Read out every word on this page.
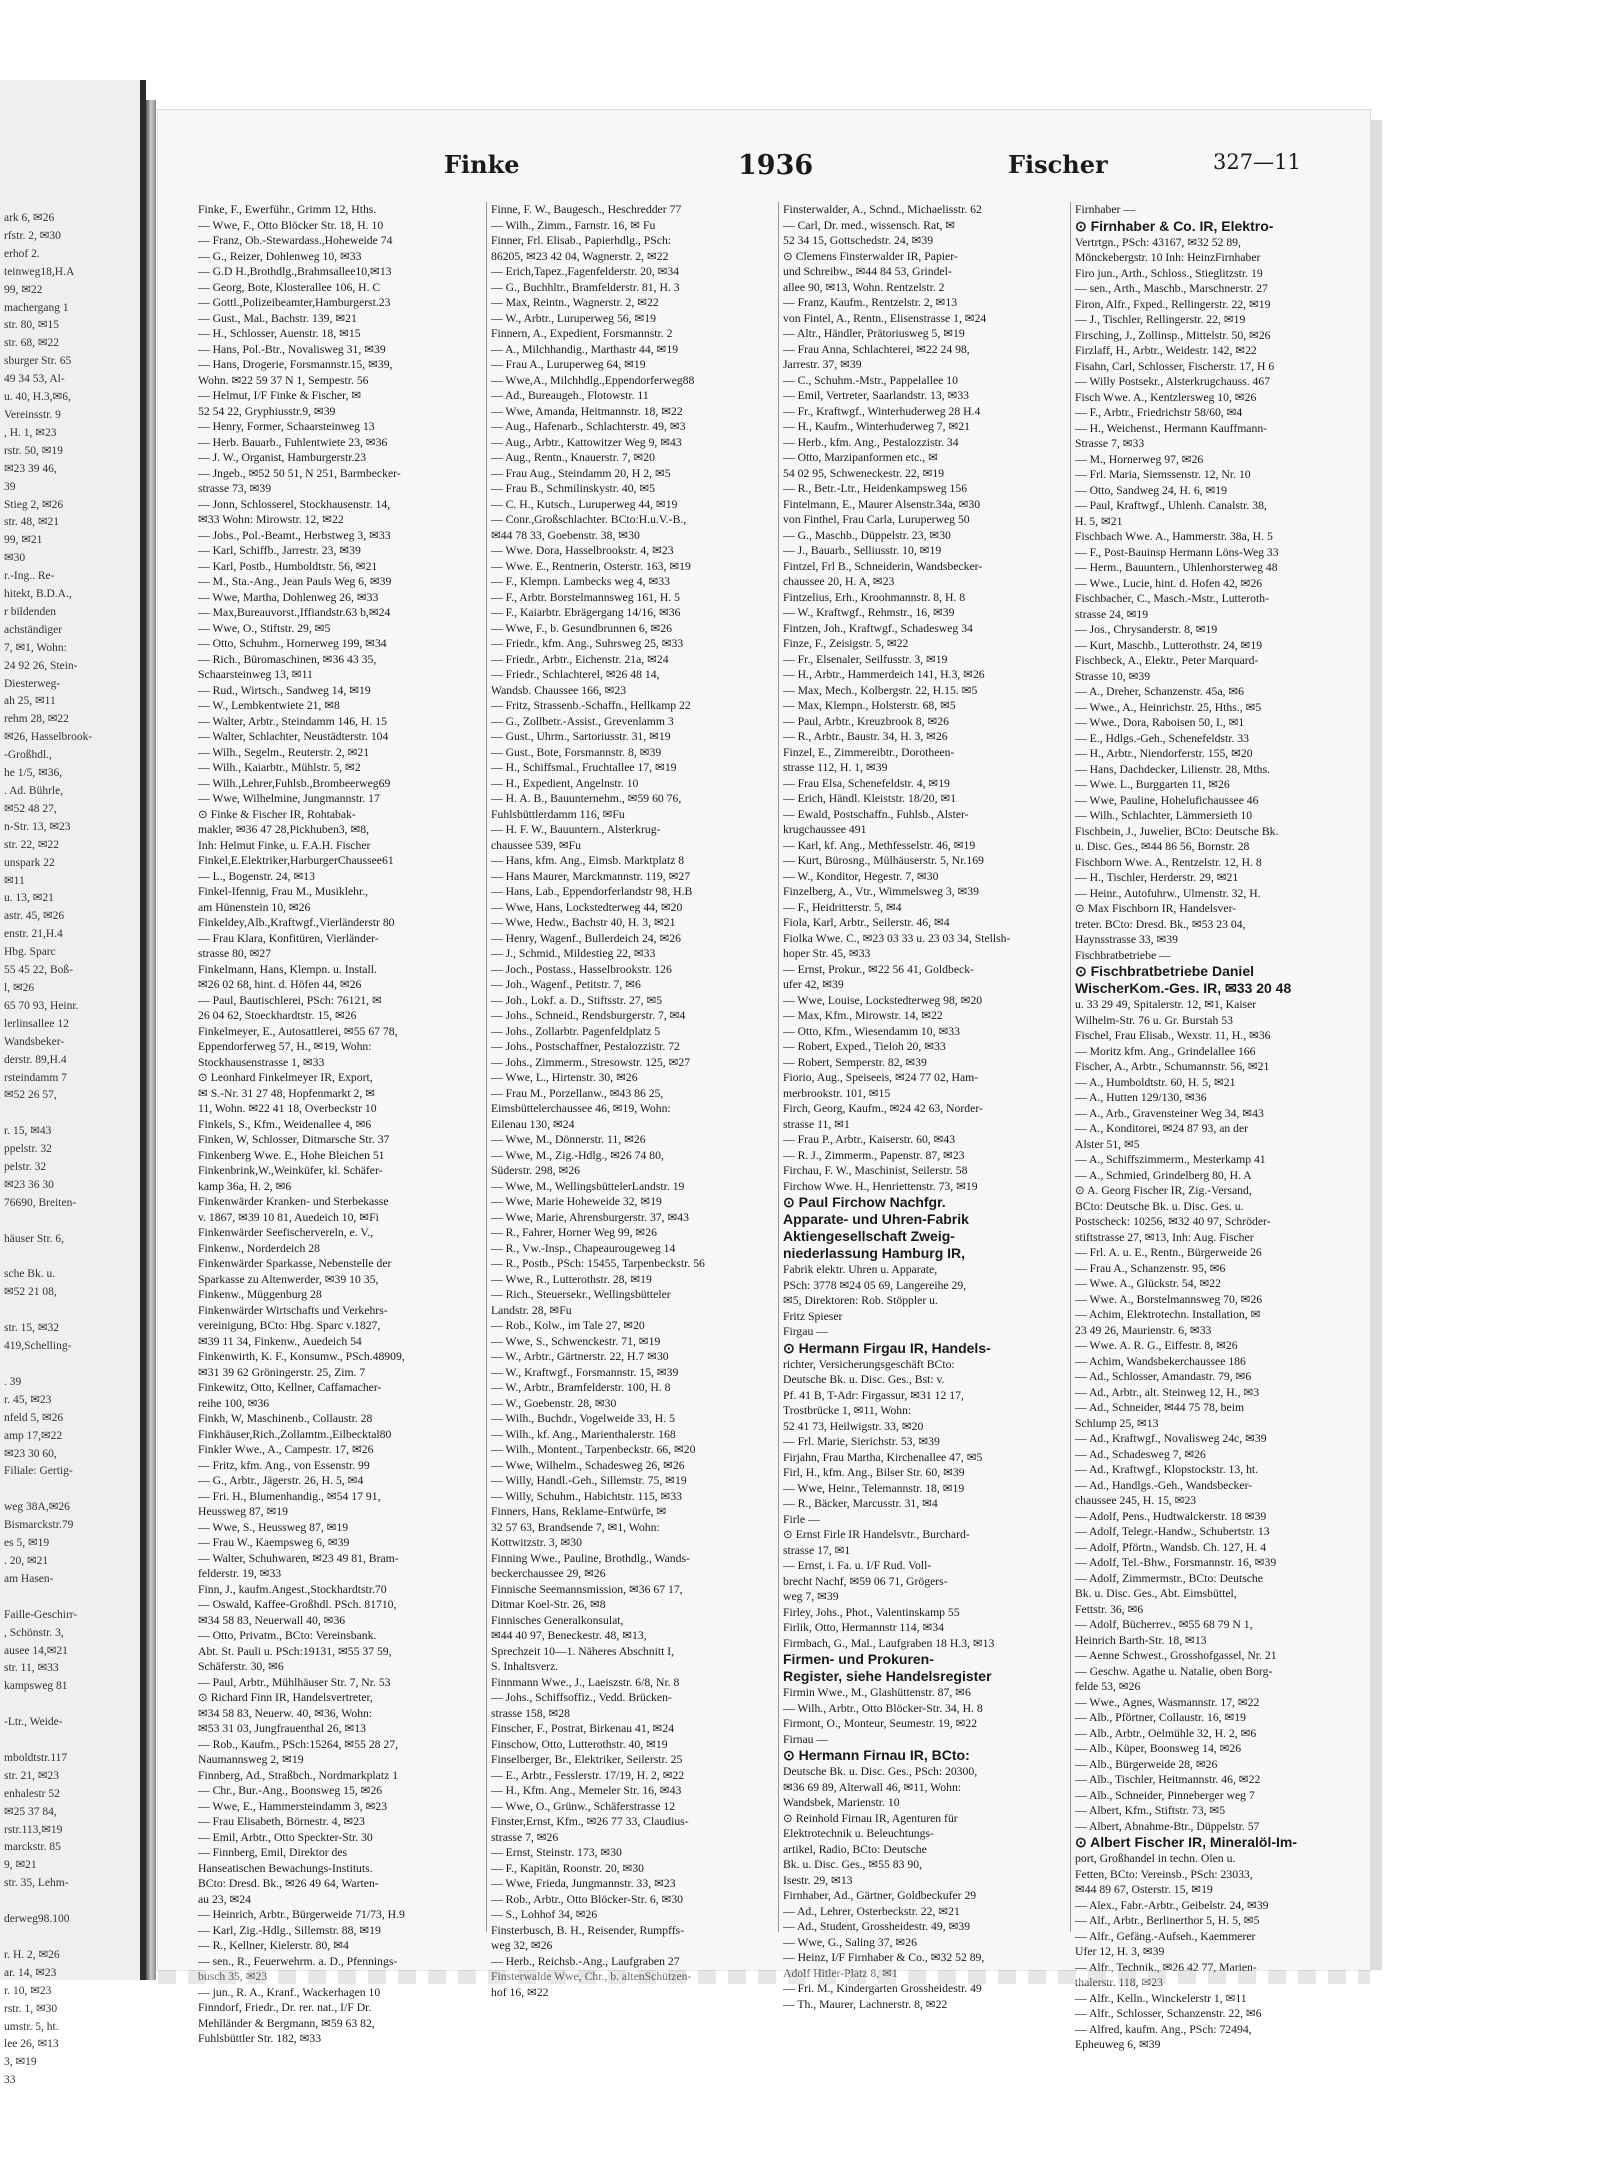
ark 6, ✉26
rfstr. 2, ✉30
erhof 2.
teinweg18,H.A
99, ✉22
machergang 1
str. 80, ✉15
str. 68, ✉22
sburger Str. 65
49 34 53, Al-
u. 40, H.3,✉6,
Vereinsstr. 9
, H. 1, ✉23
rstr. 50, ✉19
✉23 39 46,
39
Stieg 2, ✉26
str. 48, ✉21
99, ✉21
✉30
r.-Ing.. Re-
hitekt, B.D.A.,
r bildenden
achständiger
7, ✉1, Wohn:
24 92 26, Stein-
Diesterweg-
ah 25, ✉11
rehm 28, ✉22
✉26, Hasselbrook-
-Großhdl.,
he 1/5, ✉36,
. Ad. Bührle,
✉52 48 27,
n-Str. 13, ✉23
str. 22, ✉22
unspark 22
✉11
u. 13, ✉21
astr. 45, ✉26
enstr. 21,H.4
Hbg. Sparc
55 45 22, Boß-
l, ✉26
65 70 93, Heinr.
lerlinsallee 12
Wandsbeker-
derstr. 89,H.4
rsteindamm 7
✉52 26 57,

r. 15, ✉43
ppelstr. 32
pelstr. 32
✉23 36 30
76690, Breiten-

häuser Str. 6,

sche Bk. u.
✉52 21 08,

str. 15, ✉32
419,Schelling-

. 39
r. 45, ✉23
nfeld 5, ✉26
amp 17,✉22
✉23 30 60,
Filiale: Gertig-

weg 38A,✉26
Bismarckstr.79
es 5, ✉19
. 20, ✉21
am Hasen-

Faille-Geschirr-
, Schönstr. 3,
ausee 14,✉21
str. 11, ✉33
kampsweg 81

-Ltr., Weide-

mboldtstr.117
str. 21, ✉23
enhalestr 52
✉25 37 84,
rstr.113,✉19
marckstr. 85
9, ✉21
str. 35, Lehm-

derweg98.100

r. H. 2, ✉26
ar. 14, ✉23
r. 10, ✉23
rstr. 1, ✉30
umstr. 5, ht.
lee 26, ✉13
3, ✉19
33
Finke	1936	Fischer	327—11
Finke, F., Ewerführ., Grimm 12, Hths.
— Wwe, F., Otto Blöcker Str. 18, H. 10
— Franz, Ob.-Stewardass.,Hoheweide 74
— G., Reizer, Dohlenweg 10, ✉33
— G.D H.,Brothdlg.,Brahmsallee10,✉13
— Georg, Bote, Klosterallee 106, H. C
— Gottl.,Polizeibeamter,Hamburgerst.23
— Gust., Mal., Bachstr. 139, ✉21
— H., Schlosser, Auenstr. 18, ✉15
— Hans, Pol.-Btr., Novalisweg 31, ✉39
— Hans, Drogerie, Forsmannstr.15, ✉39,
Wohn. ✉22 59 37 N 1, Sempestr. 56
— Helmut, I/F Finke & Fischer, ✉
52 54 22, Gryphiusstr.9, ✉39
— Henry, Former, Schaarsteinweg 13
— Herb. Bauarb., Fuhlentwiete 23, ✉36
— J. W., Organist, Hamburgerstr.23
— Jngeb., ✉52 50 51, N 251, Barmbecker-
strasse 73, ✉39
— Jonn, Schlosserel, Stockhausenstr. 14,
✉33 Wohn: Mirowstr. 12, ✉22
— Jobs., Pol.-Beamt., Herbstweg 3, ✉33
— Karl, Schiffb., Jarrestr. 23, ✉39
— Karl, Postb., Humboldtstr. 56, ✉21
— M., Sta.-Ang., Jean Pauls Weg 6, ✉39
— Wwe, Martha, Dohlenweg 26, ✉33
— Max,Bureauvorst.,Iffiandstr.63 b,✉24
— Wwe, O., Stiftstr. 29, ✉5
— Otto, Schuhm., Hornerweg 199, ✉34
— Rich., Büromaschinen, ✉36 43 35,
Schaarsteinweg 13, ✉11
— Rud., Wirtsch., Sandweg 14, ✉19
— W., Lembkentwiete 21, ✉8
— Walter, Arbtr., Steindamm 146, H. 15
— Walter, Schlachter, Neustädterstr. 104
— Wilh., Segelm., Reuterstr. 2, ✉21
— Wilh., Kaiarbtr., Mühlstr. 5, ✉2
— Wilh.,Lehrer,Fuhlsb.,Brombeerweg69
— Wwe, Wilhelmine, Jungmannstr. 17
⊙ Finke & Fischer IR, Rohtabak-
makler, ✉36 47 28,Pickhuben3, ✉8,
Inh: Helmut Finke, u. F.A.H. Fischer
Finkel,E.Elektriker,HarburgerChaussee61
— L., Bogenstr. 24, ✉13
Finkel-Ifennig, Frau M., Musiklehr.,
am Hünenstein 10, ✉26
Finkeldey,Alb.,Kraftwgf.,Vierländerstr 80
— Frau Klara, Konfitüren, Vierländer-
strasse 80, ✉27
Finkelmann, Hans, Klempn. u. Install.
✉26 02 68, hint. d. Höfen 44, ✉26
— Paul, Bautischlerei, PSch: 76121, ✉
26 04 62, Stoeckhardtstr. 15, ✉26
Finkelmeyer, E., Autosattlerei, ✉55 67 78,
Eppendorferweg 57, H., ✉19, Wohn:
Stockhausenstrasse 1, ✉33
⊙ Leonhard Finkelmeyer IR, Export,
✉ S.-Nr. 31 27 48, Hopfenmarkt 2, ✉
11, Wohn. ✉22 41 18, Overbeckstr 10
Finkels, S., Kfm., Weidenallee 4, ✉6
Finken, W, Schlosser, Ditmarsche Str. 37
Finkenberg Wwe. E., Hohe Bleichen 51
Finkenbrink,W.,Weinküfer, kl. Schäfer-
kamp 36a, H. 2, ✉6
Finkenwärder Kranken- und Sterbekasse
v. 1867, ✉39 10 81, Auedeich 10, ✉Fi
Finkenwärder Seefischervereln, e. V.,
Finkenw., Norderdeich 28
Finkenwärder Sparkasse, Nebenstelle der
Sparkasse zu Altenwerder, ✉39 10 35,
Finkenw., Müggenburg 28
Finkenwärder Wirtschafts und Verkehrs-
vereinigung, BCto: Hbg. Sparc v.1827,
✉39 11 34, Finkenw., Auedeich 54
Finkenwirth, K. F., Konsumw., PSch.48909,
✉31 39 62 Gröningerstr. 25, Zim. 7
Finkewitz, Otto, Kellner, Caffamacher-
reihe 100, ✉36
Finkh, W, Maschinenb., Collaustr. 28
Finkhäuser,Rich.,Zollamtm.,Eilbecktal80
Finkler Wwe., A., Campestr. 17, ✉26
— Fritz, kfm. Ang., von Essenstr. 99
— G., Arbtr., Jägerstr. 26, H. 5, ✉4
— Fri. H., Blumenhandig., ✉54 17 91,
Heussweg 87, ✉19
— Wwe, S., Heussweg 87, ✉19
— Frau W., Kaempsweg 6, ✉39
— Walter, Schuhwaren, ✉23 49 81, Bram-
felderstr. 19, ✉33
Finn, J., kaufm.Angest.,Stockhardtstr.70
— Oswald, Kaffee-Großhdl. PSch. 81710,
✉34 58 83, Neuerwall 40, ✉36
— Otto, Privatm., BCto: Vereinsbank.
Abt. St. Pauli u. PSch:19131, ✉55 37 59,
Schäferstr. 30, ✉6
— Paul, Arbtr., Mühlhäuser Str. 7, Nr. 53
⊙ Richard Finn IR, Handelsvertreter,
✉34 58 83, Neuerw. 40, ✉36, Wohn:
✉53 31 03, Jungfrauenthal 26, ✉13
— Rob., Kaufm., PSch:15264, ✉55 28 27,
Naumannsweg 2, ✉19
Finnberg, Ad., Straßbch., Nordmarkplatz 1
— Chr., Bur.-Ang., Boonsweg 15, ✉26
— Wwe, E., Hammersteindamm 3, ✉23
— Frau Elisabeth, Börnestr. 4, ✉23
— Emil, Arbtr., Otto Speckter-Str. 30
— Finnberg, Emil, Direktor des
Hanseatischen Bewachungs-Instituts.
BCto: Dresd. Bk., ✉26 49 64, Warten-
au 23, ✉24
— Heinrich, Arbtr., Bürgerweide 71/73, H.9
— Karl, Zig.-Hdlg., Sillemstr. 88, ✉19
— R., Kellner, Kielerstr. 80, ✉4
— sen., R., Feuerwehrm. a. D., Pfennings-
busch 35, ✉23
— jun., R. A., Kranf., Wackerhagen 10
Finndorf, Friedr., Dr. rer. nat., I/F Dr.
Mehlländer & Bergmann, ✉59 63 82,
Fuhlsbüttler Str. 182, ✉33
Finne, F. W., Baugesch., Heschredder 77
— Wilh., Zimm., Farnstr. 16, ✉ Fu
Finner, Frl. Elisab., Papierhdlg., PSch:
86205, ✉23 42 04, Wagnerstr. 2, ✉22
— Erich,Tapez.,Fagenfelderstr. 20, ✉34
— G., Buchhltr., Bramfelderstr. 81, H. 3
— Max, Reintn., Wagnerstr. 2, ✉22
— W., Arbtr., Luruperweg 56, ✉19
Finnern, A., Expedient, Forsmannstr. 2
— A., Milchhandig., Marthastr 44, ✉19
— Frau A., Luruperweg 64, ✉19
— Wwe,A., Milchhdlg.,Eppendorferweg88
— Ad., Bureaugeh., Flotowstr. 11
— Wwe, Amanda, Heitmannstr. 18, ✉22
— Aug., Hafenarb., Schlachterstr. 49, ✉3
— Aug., Arbtr., Kattowitzer Weg 9, ✉43
— Aug., Rentn., Knauerstr. 7, ✉20
— Frau Aug., Steindamm 20, H 2, ✉5
— Frau B., Schmilinskystr. 40, ✉5
— C. H., Kutsch., Luruperweg 44, ✉19
— Conr.,Großschlachter. BCto:H.u.V.-B.,
✉44 78 33, Goebenstr. 38, ✉30
— Wwe. Dora, Hasselbrookstr. 4, ✉23
— Wwe. E., Rentnerin, Osterstr. 163, ✉19
— F., Klempn. Lambecks weg 4, ✉33
— F., Arbtr. Borstelmannsweg 161, H. 5
— F., Kaiarbtr. Ebrägergang 14/16, ✉36
— Wwe, F., b. Gesundbrunnen 6, ✉26
— Friedr., kfm. Ang., Suhrsweg 25, ✉33
— Friedr., Arbtr., Eichenstr. 21a, ✉24
— Friedr., Schlachterel, ✉26 48 14,
Wandsb. Chaussee 166, ✉23
— Fritz, Strassenb.-Schaffn., Hellkamp 22
— G., Zollbetr.-Assist., Grevenlamm 3
— Gust., Uhrm., Sartoriusstr. 31, ✉19
— Gust., Bote, Forsmannstr. 8, ✉39
— H., Schiffsmal., Fruchtallee 17, ✉19
— H., Expedient, Angelnstr. 10
— H. A. B., Bauunternehm., ✉59 60 76,
Fuhlsbüttlerdamm 116, ✉Fu
— H. F. W., Bauuntern., Alsterkrug-
chaussee 539, ✉Fu
— Hans, kfm. Ang., Eimsb. Marktplatz 8
— Hans Maurer, Marckmannstr. 119, ✉27
— Hans, Lab., Eppendorferlandstr 98, H.B
— Wwe, Hans, Lockstedterweg 44, ✉20
— Wwe, Hedw., Bachstr 40, H. 3, ✉21
— Henry, Wagenf., Bullerdeich 24, ✉26
— J., Schmid., Mildestieg 22, ✉33
— Joch., Postass., Hasselbrookstr. 126
— Joh., Wagenf., Petitstr. 7, ✉6
— Joh., Lokf. a. D., Stiftsstr. 27, ✉5
— Johs., Schneid., Rendsburgerstr. 7, ✉4
— Johs., Zollarbtr. Pagenfeldplatz 5
— Johs., Postschaffner, Pestalozzistr. 72
— Johs., Zimmerm., Stresowstr. 125, ✉27
— Wwe, L., Hirtenstr. 30, ✉26
— Frau M., Porzellanw., ✉43 86 25,
Eimsbüttelerchaussee 46, ✉19, Wohn:
Eilenau 130, ✉24
— Wwe, M., Dönnerstr. 11, ✉26
— Wwe, M., Zig.-Hdlg., ✉26 74 80,
Süderstr. 298, ✉26
— Wwe, M., WellingsbüttelerLandstr. 19
— Wwe, Marie Hoheweide 32, ✉19
— Wwe, Marie, Ahrensburgerstr. 37, ✉43
— R., Fahrer, Horner Weg 99, ✉26
— R., Vw.-Insp., Chapeaurougeweg 14
— R., Postb., PSch: 15455, Tarpenbeckstr. 56
— Wwe, R., Lutterothstr. 28, ✉19
— Rich., Steuersekr., Wellingsbütteler
Landstr. 28, ✉Fu
— Rob., Kolw., im Tale 27, ✉20
— Wwe, S., Schwenckestr. 71, ✉19
— W., Arbtr., Gärtnerstr. 22, H.7 ✉30
— W., Kraftwgf., Forsmannstr. 15, ✉39
— W., Arbtr., Bramfelderstr. 100, H. 8
— W., Goebenstr. 28, ✉30
— Wilh., Buchdr., Vogelweide 33, H. 5
— Wilh., kf. Ang., Marienthalerstr. 168
— Wilh., Montent., Tarpenbeckstr. 66, ✉20
— Wwe, Wilhelm., Schadesweg 26, ✉26
— Willy, Handl.-Geh., Sillemstr. 75, ✉19
— Willy, Schuhm., Habichtstr. 115, ✉33
Finners, Hans, Reklame-Entwürfe, ✉
32 57 63, Brandsende 7, ✉1, Wohn:
Kottwitzstr. 3, ✉30
Finning Wwe., Pauline, Brothdlg., Wands-
beckerchaussee 29, ✉26
Finnische Seemannsmission, ✉36 67 17,
Ditmar Koel-Str. 26, ✉8
Finnisches Generalkonsulat,
✉44 40 97, Beneckestr. 48, ✉13,
Sprechzeit 10—1. Näheres Abschnitt I,
S. Inhaltsverz.
Finnmann Wwe., J., Laeiszstr. 6/8, Nr. 8
— Johs., Schiffsoffiz., Vedd. Brücken-
strasse 158, ✉28
Finscher, F., Postrat, Birkenau 41, ✉24
Finschow, Otto, Lutterothstr. 40, ✉19
Finselberger, Br., Elektriker, Seilerstr. 25
— E., Arbtr., Fesslerstr. 17/19, H. 2, ✉22
— H., Kfm. Ang., Memeler Str. 16, ✉43
— Wwe, O., Grünw., Schäferstrasse 12
Finster,Ernst, Kfm., ✉26 77 33, Claudius-
strasse 7, ✉26
— Ernst, Steinstr. 173, ✉30
— F., Kapitän, Roonstr. 20, ✉30
— Wwe, Frieda, Jungmannstr. 33, ✉23
— Rob., Arbtr., Otto Blöcker-Str. 6, ✉30
— S., Lohhof 34, ✉26
Finsterbusch, B. H., Reisender, Rumpffs-
weg 32, ✉26
— Herb., Reichsb.-Ang., Laufgraben 27
Finsterwalde Wwe, Chr., b. altenSchützen-
hof 16, ✉22
Finsterwalder, A., Schnd., Michaelisstr. 62
— Carl, Dr. med., wissensch. Rat, ✉
52 34 15, Gottschedstr. 24, ✉39
⊙ Clemens Finsterwalder IR, Papier-
und Schreibw., ✉44 84 53, Grindel-
allee 90, ✉13, Wohn. Rentzelstr. 2
— Franz, Kaufm., Rentzelstr. 2, ✉13
von Fintel, A., Rentn., Elisenstrasse 1, ✉24
— Altr., Händler, Prätoriusweg 5, ✉19
— Frau Anna, Schlachterei, ✉22 24 98,
Jarrestr. 37, ✉39
— C., Schuhm.-Mstr., Pappelallee 10
— Emil, Vertreter, Saarlandstr. 13, ✉33
— Fr., Kraftwgf., Winterhuderweg 28 H.4
— H., Kaufm., Winterhuderweg 7, ✉21
— Herb., kfm. Ang., Pestalozzistr. 34
— Otto, Marzipanformen etc., ✉
54 02 95, Schweneckestr. 22, ✉19
— R., Betr.-Ltr., Heidenkampsweg 156
Fintelmann, E., Maurer Alsenstr.34a, ✉30
von Finthel, Frau Carla, Luruperweg 50
— G., Maschb., Düppelstr. 23, ✉30
— J., Bauarb., Selliusstr. 10, ✉19
Fintzel, Frl B., Schneiderin, Wandsbecker-
chaussee 20, H. A, ✉23
Fintzelius, Erh., Kroohmannstr. 8, H. 8
— W., Kraftwgf., Rehmstr., 16, ✉39
Fintzen, Joh., Kraftwgf., Schadesweg 34
Finze, F., Zeisigstr. 5, ✉22
— Fr., Elsenaler, Seilfusstr. 3, ✉19
— H., Arbtr., Hammerdeich 141, H.3, ✉26
— Max, Mech., Kolbergstr. 22, H.15. ✉5
— Max, Klempn., Holsterstr. 68, ✉5
— Paul, Arbtr., Kreuzbrook 8, ✉26
— R., Arbtr., Baustr. 34, H. 3, ✉26
Finzel, E., Zimmereibtr., Dorotheen-
strasse 112, H. 1, ✉39
— Frau Elsa, Schenefeldstr. 4, ✉19
— Erich, Händl. Kleiststr. 18/20, ✉1
— Ewald, Postschaffn., Fuhlsb., Alster-
krugchaussee 491
— Karl, kf. Ang., Methfesselstr. 46, ✉19
— Kurt, Bürosng., Mülhäuserstr. 5, Nr.169
— W., Konditor, Hegestr. 7, ✉30
Finzelberg, A., Vtr., Wimmelsweg 3, ✉39
— F., Heidritterstr. 5, ✉4
Fiola, Karl, Arbtr., Seilerstr. 46, ✉4
Fiolka Wwe. C., ✉23 03 33 u. 23 03 34, Stellsh-
hoper Str. 45, ✉33
— Ernst, Prokur., ✉22 56 41, Goldbeck-
ufer 42, ✉39
— Wwe, Louise, Lockstedterweg 98, ✉20
— Max, Kfm., Mirowstr. 14, ✉22
— Otto, Kfm., Wiesendamm 10, ✉33
— Robert, Exped., Tieloh 20, ✉33
— Robert, Semperstr. 82, ✉39
Fiorio, Aug., Speiseeis, ✉24 77 02, Ham-
merbrookstr. 101, ✉15
Firch, Georg, Kaufm., ✉24 42 63, Norder-
strasse 11, ✉1
— Frau P., Arbtr., Kaiserstr. 60, ✉43
— R. J., Zimmerm., Papenstr. 87, ✉23
Firchau, F. W., Maschinist, Seilerstr. 58
Firchow Wwe. H., Henriettenstr. 73, ✉19
⊙ Paul Firchow Nachfgr.
Apparate- und Uhren-Fabrik
Aktiengesellschaft Zweig-
niederlassung Hamburg IR,
Fabrik elektr. Uhren u. Apparate,
PSch: 3778 ✉24 05 69, Langereihe 29,
✉5, Direktoren: Rob. Stöppler u.
Fritz Spieser
Firgau —
⊙ Hermann Firgau IR, Handels-
richter, Versicherungsgeschäft BCto:
Deutsche Bk. u. Disc. Ges., Bst: v.
Pf. 41 B, T-Adr: Firgassur, ✉31 12 17,
Trostbrücke 1, ✉11, Wohn:
52 41 73, Heilwigstr. 33, ✉20
— Frl. Marie, Sierichstr. 53, ✉39
Firjahn, Frau Martha, Kirchenallee 47, ✉5
Firl, H., kfm. Ang., Bilser Str. 60, ✉39
— Wwe, Heinr., Telemannstr. 18, ✉19
— R., Bäcker, Marcusstr. 31, ✉4
Firle —
⊙ Ernst Firle IR Handelsvtr., Burchard-
strasse 17, ✉1
— Ernst, i. Fa. u. I/F Rud. Voll-
brecht Nachf, ✉59 06 71, Grögers-
weg 7, ✉39
Firley, Johs., Phot., Valentinskamp 55
Firlik, Otto, Hermannstr 114, ✉34
Firmbach, G., Mal., Laufgraben 18 H.3, ✉13
Firmen- und Prokuren-
Register, siehe Handelsregister
Firmin Wwe., M., Glashüttenstr. 87, ✉6
— Wilh., Arbtr., Otto Blöcker-Str. 34, H. 8
Firmont, O., Monteur, Seumestr. 19, ✉22
Firnau —
⊙ Hermann Firnau IR, BCto:
Deutsche Bk. u. Disc. Ges., PSch: 20300,
✉36 69 89, Alterwall 46, ✉11, Wohn:
Wandsbek, Marienstr. 10
⊙ Reinhold Firnau IR, Agenturen für
Elektrotechnik u. Beleuchtungs-
artikel, Radio, BCto: Deutsche
Bk. u. Disc. Ges., ✉55 83 90,
Isestr. 29, ✉13
Firnhaber, Ad., Gärtner, Goldbeckufer 29
— Ad., Lehrer, Osterbeckstr. 22, ✉21
— Ad., Student, Grossheidestr. 49, ✉39
— Wwe, G., Saling 37, ✉26
— Heinz, I/F Firnhaber & Co., ✉32 52 89,
Adolf Hitler-Platz 8, ✉1
— Fri. M., Kindergarten Grossheidestr. 49
— Th., Maurer, Lachnerstr. 8, ✉22
Firnhaber —
⊙ Firnhaber & Co. IR, Elektro-
Vertrtgn., PSch: 43167, ✉32 52 89,
Mönckebergstr. 10 Inh: HeinzFirnhaber
Firo jun., Arth., Schloss., Stieglitzstr. 19
— sen., Arth., Maschb., Marschnerstr. 27
Firon, Alfr., Fxped., Rellingerstr. 22, ✉19
— J., Tischler, Rellingerstr. 22, ✉19
Firsching, J., Zollinsp., Mittelstr. 50, ✉26
Firzlaff, H., Arbtr., Weidestr. 142, ✉22
Fisahn, Carl, Schlosser, Fischerstr. 17, H 6
— Willy Postsekr., Alsterkrugchauss. 467
Fisch Wwe. A., Kentzlersweg 10, ✉26
— F., Arbtr., Friedrichstr 58/60, ✉4
— H., Weichenst., Hermann Kauffmann-
Strasse 7, ✉33
— M., Hornerweg 97, ✉26
— Frl. Maria, Siemssenstr. 12, Nr. 10
— Otto, Sandweg 24, H. 6, ✉19
— Paul, Kraftwgf., Uhlenh. Canalstr. 38,
H. 5, ✉21
Fischbach Wwe. A., Hammerstr. 38a, H. 5
— F., Post-Bauinsp Hermann Löns-Weg 33
— Herm., Bauuntern., Uhlenhorsterweg 48
— Wwe., Lucie, hint. d. Hofen 42, ✉26
Fischbacher, C., Masch.-Mstr., Lutteroth-
strasse 24, ✉19
— Jos., Chrysanderstr. 8, ✉19
— Kurt, Maschb., Lutterothstr. 24, ✉19
Fischbeck, A., Elektr., Peter Marquard-
Strasse 10, ✉39
— A., Dreher, Schanzenstr. 45a, ✉6
— Wwe., A., Heinrichstr. 25, Hths., ✉5
— Wwe., Dora, Raboisen 50, I., ✉1
— E., Hdlgs.-Geh., Schenefeldstr. 33
— H., Arbtr., Niendorferstr. 155, ✉20
— Hans, Dachdecker, Lilienstr. 28, Mths.
— Wwe. L., Burggarten 11, ✉26
— Wwe, Pauline, Hohelufichaussee 46
— Wilh., Schlachter, Lämmersieth 10
Fischbein, J., Juwelier, BCto: Deutsche Bk.
u. Disc. Ges., ✉44 86 56, Bornstr. 28
Fischborn Wwe. A., Rentzelstr. 12, H. 8
— H., Tischler, Herderstr. 29, ✉21
— Heinr., Autofuhrw., Ulmenstr. 32, H.
⊙ Max Fischborn IR, Handelsver-
treter. BCto: Dresd. Bk., ✉53 23 04,
Haynsstrasse 33, ✉39
Fischbratbetriebe —
⊙ Fischbratbetriebe Daniel
WischerKom.-Ges. IR, ✉33 20 48
u. 33 29 49, Spitalerstr. 12, ✉1, Kaiser
Wilhelm-Str. 76 u. Gr. Burstah 53
Fischel, Frau Elisab., Wexstr. 11, H., ✉36
— Moritz kfm. Ang., Grindelallee 166
Fischer, A., Arbtr., Schumannstr. 56, ✉21
— A., Humboldtstr. 60, H. 5, ✉21
— A., Hutten 129/130, ✉36
— A., Arb., Gravensteiner Weg 34, ✉43
— A., Konditorei, ✉24 87 93, an der
Alster 51, ✉5
— A., Schiffszimmerm., Mesterkamp 41
— A., Schmied, Grindelberg 80, H. A
⊙ A. Georg Fischer IR, Zig.-Versand,
BCto: Deutsche Bk. u. Disc. Ges. u.
Postscheck: 10256, ✉32 40 97, Schröder-
stiftstrasse 27, ✉13, Inh: Aug. Fischer
— Frl. A. u. E., Rentn., Bürgerweide 26
— Frau A., Schanzenstr. 95, ✉6
— Wwe. A., Glückstr. 54, ✉22
— Wwe. A., Borstelmannsweg 70, ✉26
— Achim, Elektrotechn. Installation, ✉
23 49 26, Maurienstr. 6, ✉33
— Wwe. A. R. G., Eiffestr. 8, ✉26
— Achim, Wandsbekerchaussee 186
— Ad., Schlosser, Amandastr. 79, ✉6
— Ad., Arbtr., alt. Steinweg 12, H., ✉3
— Ad., Schneider, ✉44 75 78, beim
Schlump 25, ✉13
— Ad., Kraftwgf., Novalisweg 24c, ✉39
— Ad., Schadesweg 7, ✉26
— Ad., Kraftwgf., Klopstockstr. 13, ht.
— Ad., Handlgs.-Geh., Wandsbecker-
chaussee 245, H. 15, ✉23
— Adolf, Pens., Hudtwalckerstr. 18 ✉39
— Adolf, Telegr.-Handw., Schubertstr. 13
— Adolf, Pförtn., Wandsb. Ch. 127, H. 4
— Adolf, Tel.-Bhw., Forsmannstr. 16, ✉39
— Adolf, Zimmermstr., BCto: Deutsche
Bk. u. Disc. Ges., Abt. Eimsbüttel,
Fettstr. 36, ✉6
— Adolf, Bücherrev., ✉55 68 79 N 1,
Heinrich Barth-Str. 18, ✉13
— Aenne Schwest., Grosshofgassel, Nr. 21
— Geschw. Agathe u. Natalie, oben Borg-
felde 53, ✉26
— Wwe., Agnes, Wasmannstr. 17, ✉22
— Alb., Pförtner, Collaustr. 16, ✉19
— Alb., Arbtr., Oelmühle 32, H. 2, ✉6
— Alb., Küper, Boonsweg 14, ✉26
— Alb., Bürgerweide 28, ✉26
— Alb., Tischler, Heitmannstr. 46, ✉22
— Alb., Schneider, Pinneberger weg 7
— Albert, Kfm., Stiftstr. 73, ✉5
— Albert, Abnahme-Btr., Düppelstr. 57
⊙ Albert Fischer IR, Mineralöl-Im-
port, Großhandel in techn. Olen u.
Fetten, BCto: Vereinsb., PSch: 23033,
✉44 89 67, Osterstr. 15, ✉19
— Alex., Fabr.-Arbtr., Geibelstr. 24, ✉39
— Alf., Arbtr., Berlinerthor 5, H. 5, ✉5
— Alfr., Gefäng.-Aufseh., Kaemmerer
Ufer 12, H. 3, ✉39
— Alfr., Technik., ✉26 42 77, Marien-
thalerstr. 118, ✉23
— Alfr., Kelln., Winckelerstr 1, ✉11
— Alfr., Schlosser, Schanzenstr. 22, ✉6
— Alfred, kaufm. Ang., PSch: 72494,
Epheuweg 6, ✉39
